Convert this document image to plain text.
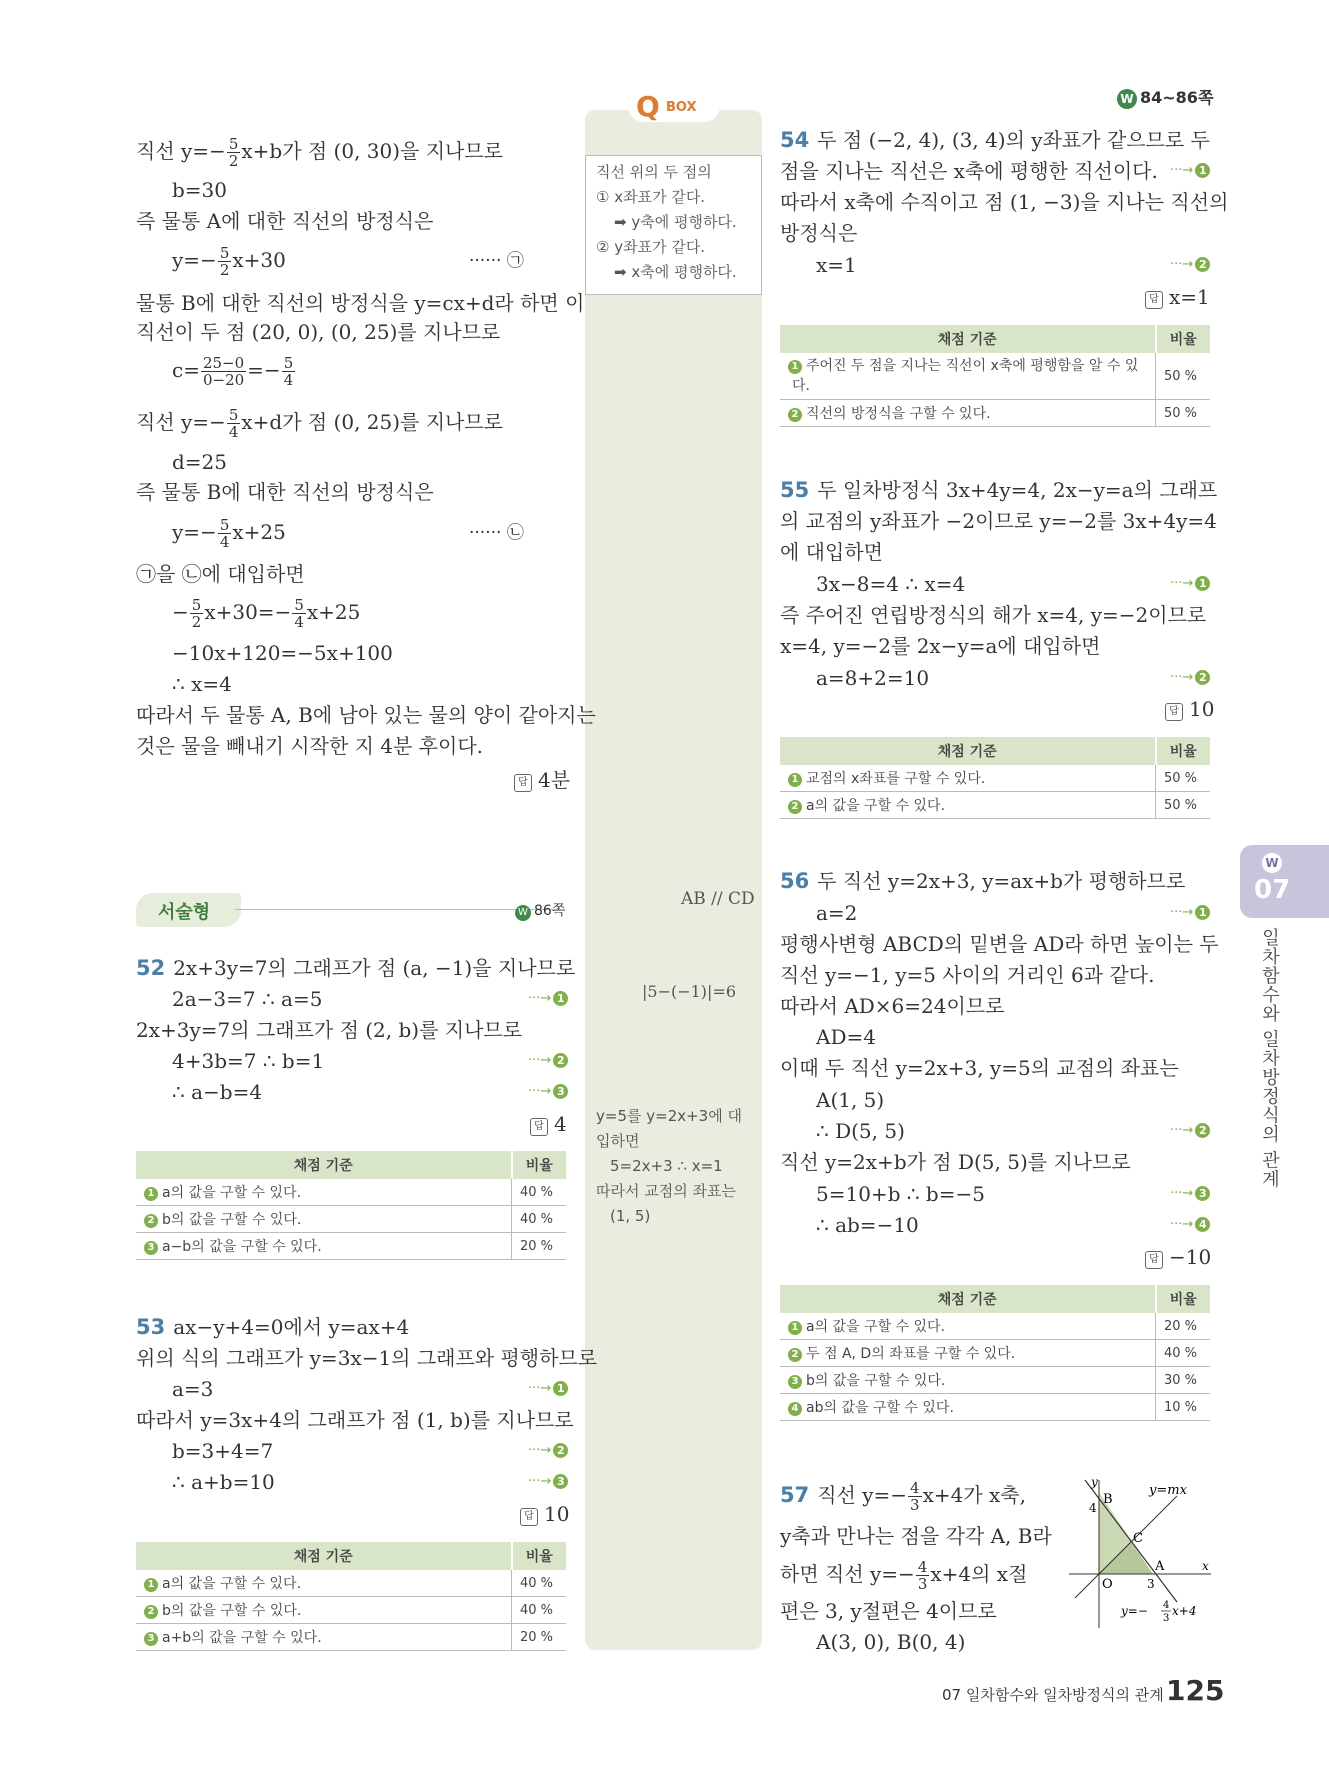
W 84~86쪽
Q BOX
직선 위의 두 점의
① x좌표가 같다.
➡ y축에 평행하다.
② y좌표가 같다.
➡ x축에 평행하다.
AB // CD
|5−(−1)|=6
y=5를 y=2x+3에 대
입하면
5=2x+3 ∴ x=1
따라서 교점의 좌표는
(1, 5)
직선 $y=- \frac{5}{2} x+b$가 점 (0, 30)을 지나므로
b=30
즉 물통 A에 대한 직선의 방정식은
$y=- \frac{5}{2} x+30$	······ ㉠
물통 B에 대한 직선의 방정식을 y=cx+d라 하면 이
직선이 두 점 (20, 0), (0, 25)를 지나므로
$c= \frac{25-0}{0-20} =- \frac{5}{4}$
직선 $y=- \frac{5}{4} x+d$가 점 (0, 25)를 지나므로
d=25
즉 물통 B에 대한 직선의 방정식은
$y=- \frac{5}{4} x+25$	······ ㉡
㉠을 ㉡에 대입하면
− $\frac{5}{2} x+30=- \frac{5}{4} x+25$
−10x+120=−5x+100
∴ x=4
따라서 두 물통 A, B에 남아 있는 물의 양이 같아지는
것은 물을 빼내기 시작한 지 4분 후이다.
답 4분
서술형	W 86쪽
52 2x+3y=7의 그래프가 점 (a, −1)을 지나므로
2a−3=7 ∴ a=5
2x+3y=7의 그래프가 점 (2, b)를 지나므로
4+3b=7 ∴ b=1
∴ a−b=4
···→ 1
···→ 2
···→ 3
답 4
채점 기준	비율
1 a의 값을 구할 수 있다.	40 %
2 b의 값을 구할 수 있다.	40 %
3 a−b의 값을 구할 수 있다.	20 %
53 ax−y+4=0에서 y=ax+4
위의 식의 그래프가 y=3x−1의 그래프와 평행하므로
a=3
따라서 y=3x+4의 그래프가 점 (1, b)를 지나므로
b=3+4=7
∴ a+b=10
···→ 1
···→ 2
···→ 3
답 10
채점 기준	비율
1 a의 값을 구할 수 있다.	40 %
2 b의 값을 구할 수 있다.	40 %
3 a+b의 값을 구할 수 있다.	20 %
54 두 점 (−2, 4), (3, 4)의 y좌표가 같으므로 두
점을 지나는 직선은 x축에 평행한 직선이다.
따라서 x축에 수직이고 점 (1, −3)을 지나는 직선의
방정식은
x=1
···→ 1
···→ 2
답 x=1
채점 기준	비율
1 주어진 두 점을 지나는 직선이 x축에 평행함을 알 수 있
다.	50 %
2 직선의 방정식을 구할 수 있다.	50 %
55 두 일차방정식 3x+4y=4, 2x−y=a의 그래프
의 교점의 y좌표가 −2이므로 y=−2를 3x+4y=4
에 대입하면
3x−8=4 ∴ x=4
즉 주어진 연립방정식의 해가 x=4, y=−2이므로
x=4, y=−2를 2x−y=a에 대입하면
a=8+2=10
···→ 1
···→ 2
답 10
채점 기준	비율
1 교점의 x좌표를 구할 수 있다.	50 %
2 a의 값을 구할 수 있다.	50 %
56 두 직선 y=2x+3, y=ax+b가 평행하므로
a=2
평행사변형 ABCD의 밑변을 AD라 하면 높이는 두
직선 y=−1, y=5 사이의 거리인 6과 같다.
따라서 AD×6=24이므로
AD=4
이때 두 직선 y=2x+3, y=5의 교점의 좌표는
A(1, 5)
∴ D(5, 5)
직선 y=2x+b가 점 D(5, 5)를 지나므로
5=10+b ∴ b=−5
∴ ab=−10
···→ 1
···→ 2
···→ 3
···→ 4
답 −10
채점 기준	비율
1 a의 값을 구할 수 있다.	20 %
2 두 점 A, D의 좌표를 구할 수 있다.	40 %
3 b의 값을 구할 수 있다.	30 %
4 ab의 값을 구할 수 있다.	10 %
57 직선 $y=- \frac{4}{3} x+4$가 x축,
y축과 만나는 점을 각각 A, B라
하면 직선 $y=- \frac{4}{3} x+4$의 x절
편은 3, y절편은 4이므로
A(3, 0), B(0, 4)
y
x
y=mx
O
A
B
C
4
3
y=− 4
3
x+4
W
07
일차함수와 일차방정식의 관계
07 일차함수와 일차방정식의 관계 125
